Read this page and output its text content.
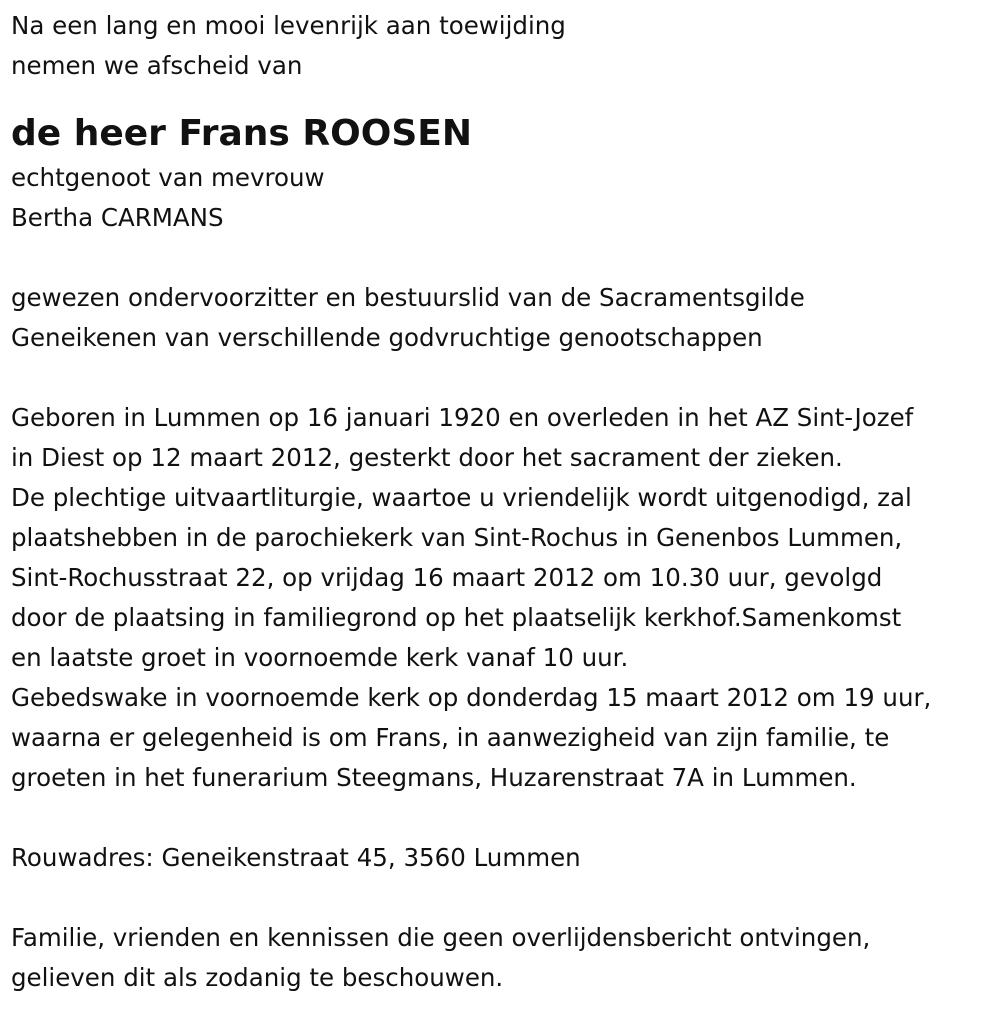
Na een lang en mooi levenrijk aan toewijding
nemen we afscheid van
de heer Frans ROOSEN
echtgenoot van mevrouw
Bertha CARMANS
gewezen ondervoorzitter en bestuurslid van de Sacramentsgilde
Geneikenen van verschillende godvruchtige genootschappen
Geboren in Lummen op 16 januari 1920 en overleden in het AZ Sint-Jozef
in Diest op 12 maart 2012, gesterkt door het sacrament der zieken.
De plechtige uitvaartliturgie, waartoe u vriendelijk wordt uitgenodigd, zal
plaatshebben in de parochiekerk van Sint-Rochus in Genenbos Lummen,
Sint-Rochusstraat 22, op vrijdag 16 maart 2012 om 10.30 uur, gevolgd
door de plaatsing in familiegrond op het plaatselijk kerkhof.Samenkomst
en laatste groet in voornoemde kerk vanaf 10 uur.
Gebedswake in voornoemde kerk op donderdag 15 maart 2012 om 19 uur,
waarna er gelegenheid is om Frans, in aanwezigheid van zijn familie, te
groeten in het funerarium Steegmans, Huzarenstraat 7A in Lummen.
Rouwadres: Geneikenstraat 45, 3560 Lummen
Familie, vrienden en kennissen die geen overlijdensbericht ontvingen,
gelieven dit als zodanig te beschouwen.
